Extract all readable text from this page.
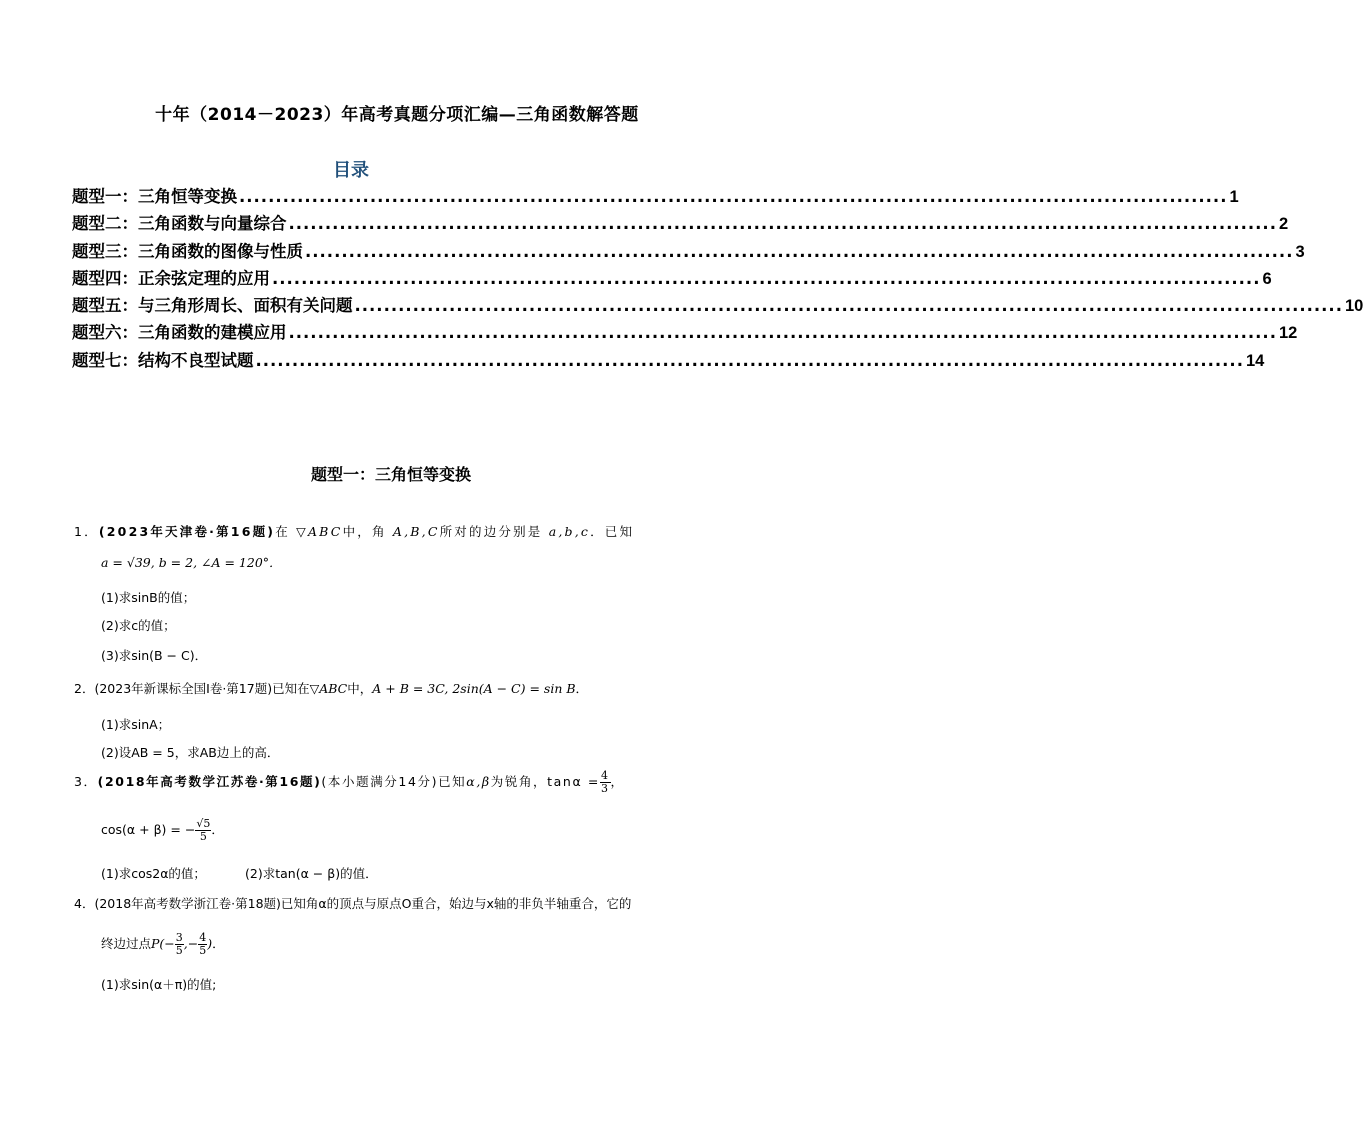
十年（2014－2023）年高考真题分项汇编—三角函数解答题
目录
题型一：三角恒等变换 ........................................................................................................................................ 1
题型二：三角函数与向量综合 ........................................................................................................................................ 2
题型三：三角函数的图像与性质 ........................................................................................................................................ 3
题型四：正余弦定理的应用 ........................................................................................................................................ 6
题型五：与三角形周长、面积有关问题 ........................................................................................................................................ 10
题型六：三角函数的建模应用 ........................................................................................................................................ 12
题型七：结构不良型试题 ........................................................................................................................................ 14
题型一：三角恒等变换
1．(2023年天津卷·第16题)在 ▽ABC中，角 A,B,C所对的边分别是 a,b,c．已知
a = √39, b = 2, ∠A = 120°．
(1)求sinB的值；
(2)求c的值；
(3)求sin(B − C)．
2．(2023年新课标全国Ⅰ卷·第17题)已知在▽ABC中，A + B = 3C, 2sin(A − C) = sin B．
(1)求sinA；
(2)设AB = 5，求AB边上的高．
3．(2018年高考数学江苏卷·第16题)(本小题满分14分)已知α,β为锐角，$\tan\alpha = \frac{4}{3}$ ，
cos(α + β) = − $\frac{√5}{5}$ ．
(1)求cos2α的值；	(2)求tan(α − β)的值．
4．(2018年高考数学浙江卷·第18题)已知角α的顶点与原点O重合，始边与x轴的非负半轴重合，它的
终边过点$P(- \frac{3}{5}$ ,− $\frac{4}{5}$ )．
(1)求sin(α＋π)的值;
